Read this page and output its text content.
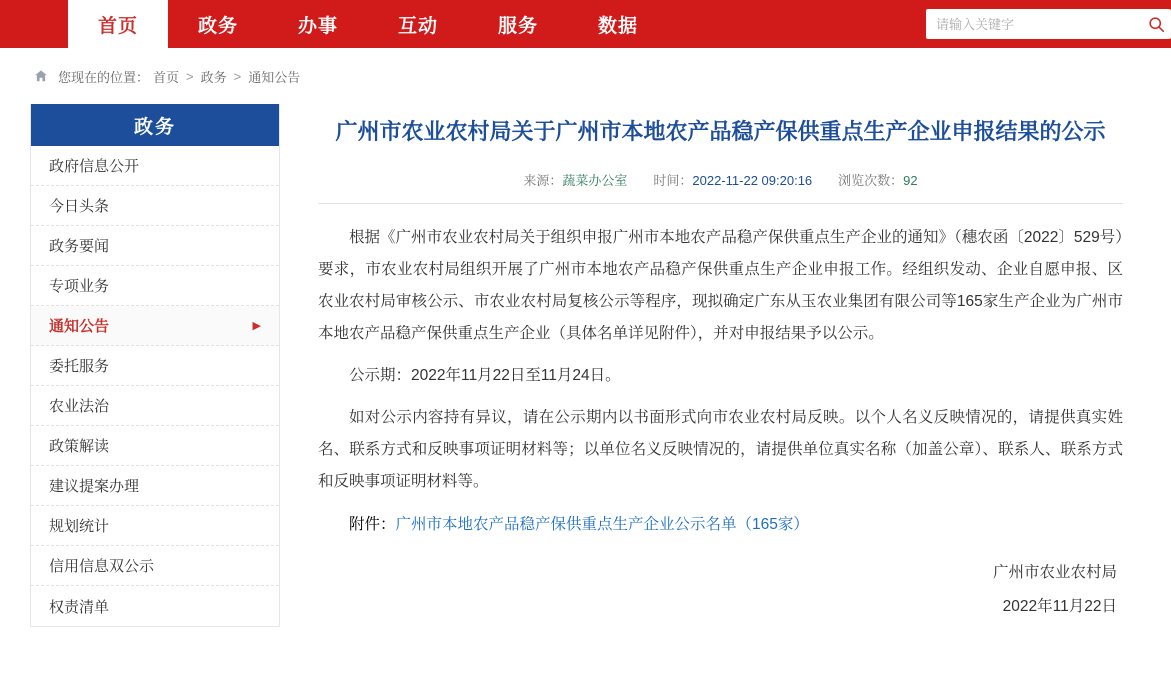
首页	政务	办事	互动	服务	数据
请输入关键字
您现在的位置： 首页 > 政务 > 通知公告
政务
政府信息公开
今日头条
政务要闻
专项业务
通知公告	▶
委托服务
农业法治
政策解读
建议提案办理
规划统计
信用信息双公示
权责清单
广州市农业农村局关于广州市本地农产品稳产保供重点生产企业申报结果的公示
来源：蔬菜办公室 时间：2022-11-22 09:20:16 浏览次数：92

根据《广州市农业农村局关于组织申报广州市本地农产品稳产保供重点生产企业的通知》（穗农函〔2022〕529号）要求，市农业农村局组织开展了广州市本地农产品稳产保供重点生产企业申报工作。经组织发动、企业自愿申报、区农业农村局审核公示、市农业农村局复核公示等程序，现拟确定广东从玉农业集团有限公司等165家生产企业为广州市本地农产品稳产保供重点生产企业（具体名单详见附件），并对申报结果予以公示。

公示期：2022年11月22日至11月24日。

如对公示内容持有异议，请在公示期内以书面形式向市农业农村局反映。以个人名义反映情况的，请提供真实姓名、联系方式和反映事项证明材料等；以单位名义反映情况的，请提供单位真实名称（加盖公章）、联系人、联系方式和反映事项证明材料等。

附件：广州市本地农产品稳产保供重点生产企业公示名单（165家）
广州市农业农村局
2022年11月22日
